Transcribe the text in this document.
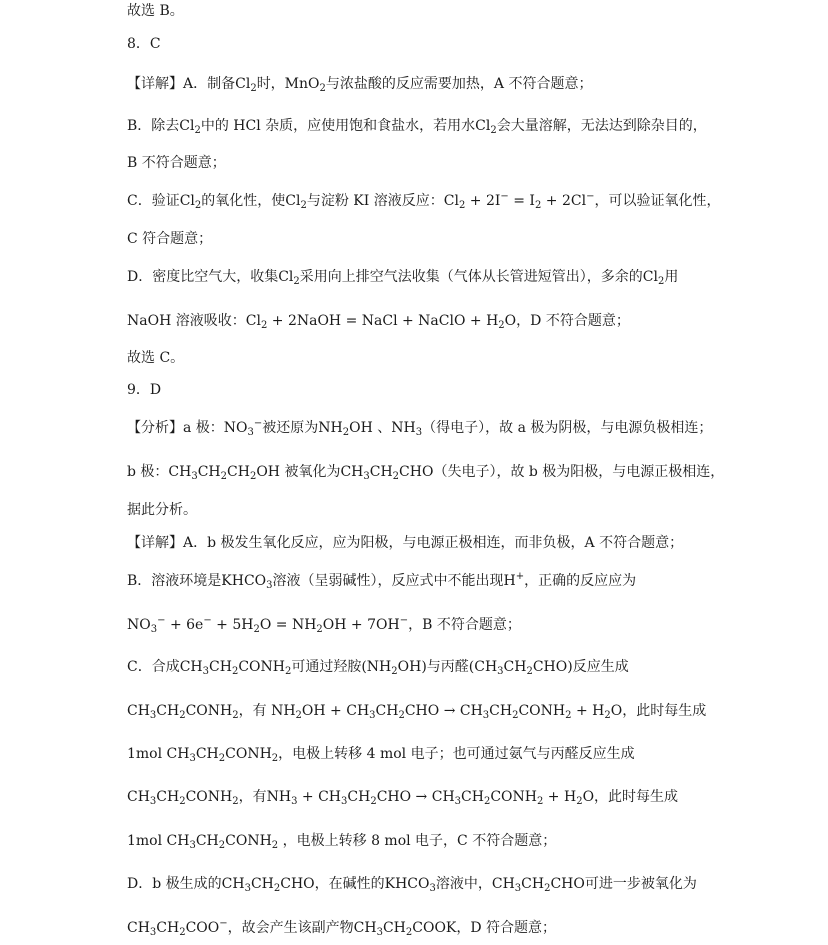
故选 B。
8．C
【详解】A．制备$Cl_2$时，MnO$_2$与浓盐酸的反应需要加热，A 不符合题意；
B．除去$Cl_2$中的 HCl 杂质，应使用饱和食盐水，若用水$Cl_2$会大量溶解，无法达到除杂目的，
B 不符合题意；
C．验证$Cl_2$的氧化性，使$Cl_2$与淀粉 KI 溶液反应：$Cl_2 + 2I^- = I_2 + 2Cl^-$，可以验证氧化性，
C 符合题意；
D．密度比空气大，收集$Cl_2$采用向上排空气法收集（气体从长管进短管出），多余的$Cl_2$用
NaOH 溶液吸收：$Cl_2$ + 2NaOH = NaCl + NaClO + $H_2O$，D 不符合题意；
故选 C。
9．D
【分析】a 极：$NO_3^-$被还原为$NH_2OH$ 、$NH_3$（得电子），故 a 极为阴极，与电源负极相连；
b 极：$CH_3CH_2CH_2OH$ 被氧化为$CH_3CH_2CHO$（失电子），故 b 极为阳极，与电源正极相连，
据此分析。
【详解】A．b 极发生氧化反应，应为阳极，与电源正极相连，而非负极，A 不符合题意；
B．溶液环境是$KHCO_3$溶液（呈弱碱性），反应式中不能出现H+，正确的反应应为
$NO_3^- + 6e^- + 5H_2O = NH_2OH + 7OH^-$，B 不符合题意；
C．合成$CH_3CH_2CONH_2$可通过羟胺$(NH_2OH)$与丙醛$(CH_3CH_2CHO)$反应生成
$CH_3CH_2CONH_2$，有 $NH_2OH + CH_3CH_2CHO$ → $CH_3CH_2CONH_2 + H_2O$，此时每生成
1mol $CH_3CH_2CONH_2$，电极上转移 4 mol 电子；也可通过氨气与丙醛反应生成
$CH_3CH_2CONH_2$，有$NH_3 + CH_3CH_2CHO$ → $CH_3CH_2CONH_2 + H_2O$，此时每生成
1mol $CH_3CH_2CONH_2$ ，电极上转移 8 mol 电子，C 不符合题意；
D．b 极生成的$CH_3CH_2CHO$，在碱性的$KHCO_3$溶液中，$CH_3CH_2CHO$可进一步被氧化为
$CH_3CH_2COO^-$，故会产生该副产物$CH_3CH_2COOK$，D 符合题意；
